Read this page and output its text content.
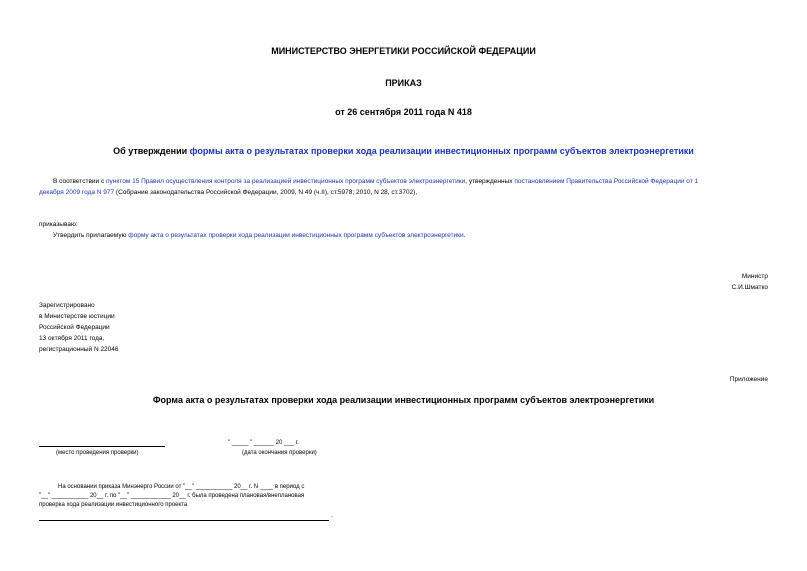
МИНИСТЕРСТВО ЭНЕРГЕТИКИ РОССИЙСКОЙ ФЕДЕРАЦИИ
ПРИКАЗ
от 26 сентября 2011 года N 418
Об утверждении формы акта о результатах проверки хода реализации инвестиционных программ субъектов электроэнергетики
В соответствии с пунктом 15 Правил осуществления контроля за реализацией инвестиционных программ субъектов электроэнергетики, утвержденных постановлением Правительства Российской Федерации от 1
декабря 2009 года N 977 (Собрание законодательства Российской Федерации, 2009, N 49 (ч.II), ст.5978; 2010, N 28, ст.3702),
приказываю:
Утвердить прилагаемую форму акта о результатах проверки хода реализации инвестиционных программ субъектов электроэнергетики.
Министр
С.И.Шматко
Зарегистрировано
в Министерстве юстиции
Российской Федерации
13 октября 2011 года,
регистрационный N 22046
Приложение
Форма акта о результатах проверки хода реализации инвестиционных программ субъектов электроэнергетики
" _____ " ______ 20 ___ г.
(место проведения проверки)	(дата окончания проверки)
На основании приказа Минэнерго России от "__" ___________ 20__ г. N ____ в период с
"__" ___________ 20__ г. по "__" ____________ 20__ г. была проведена плановая/внеплановая
проверка хода реализации инвестиционного проекта
.
